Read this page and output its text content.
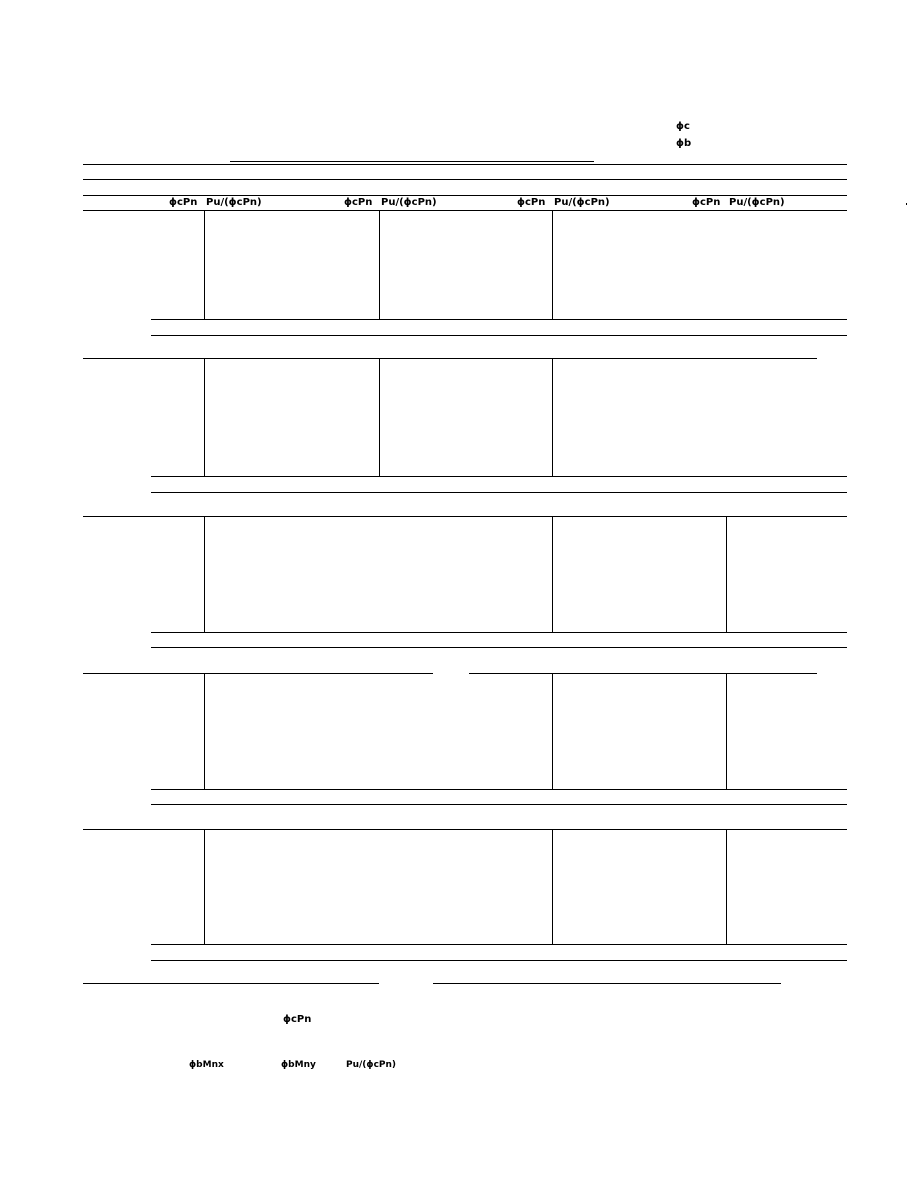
ϕc
ϕb
ϕcPn Pu/(ϕcPn)	ϕcPn Pu/(ϕcPn)	ϕcPn Pu/(ϕcPn)	ϕcPn Pu/(ϕcPn)
ϕcPn
ϕbMnx	ϕbMny	Pu/(ϕcPn)
